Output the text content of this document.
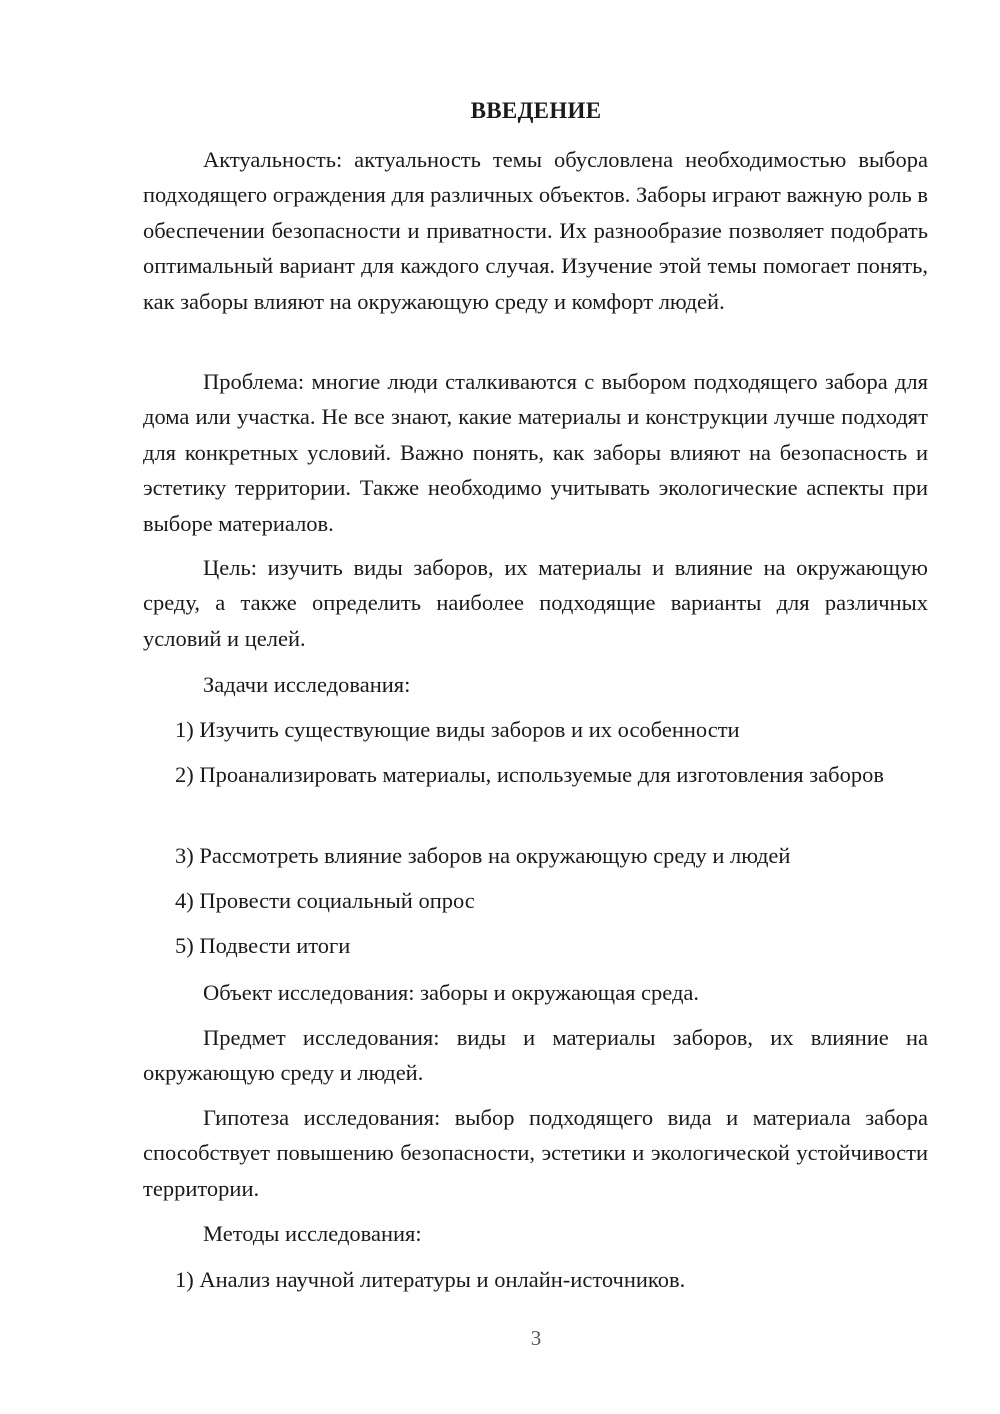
ВВЕДЕНИЕ

Актуальность: актуальность темы обусловлена необходимостью выбора подходящего ограждения для различных объектов. Заборы играют важную роль в обеспечении безопасности и приватности. Их разнообразие позволяет подобрать оптимальный вариант для каждого случая. Изучение этой темы помогает понять, как заборы влияют на окружающую среду и комфорт людей.

Проблема: многие люди сталкиваются с выбором подходящего забора для дома или участка. Не все знают, какие материалы и конструкции лучше подходят для конкретных условий. Важно понять, как заборы влияют на безопасность и эстетику территории. Также необходимо учитывать экологические аспекты при выборе материалов.

Цель: изучить виды заборов, их материалы и влияние на окружающую среду, а также определить наиболее подходящие варианты для различных условий и целей.

Задачи исследования:

1) Изучить существующие виды заборов и их особенности

2) Проанализировать материалы, используемые для изготовления заборов

3) Рассмотреть влияние заборов на окружающую среду и людей

4) Провести социальный опрос

5) Подвести итоги

Объект исследования: заборы и окружающая среда.

Предмет исследования: виды и материалы заборов, их влияние на окружающую среду и людей.

Гипотеза исследования: выбор подходящего вида и материала забора способствует повышению безопасности, эстетики и экологической устойчивости территории.

Методы исследования:

1) Анализ научной литературы и онлайн-источников.

3
